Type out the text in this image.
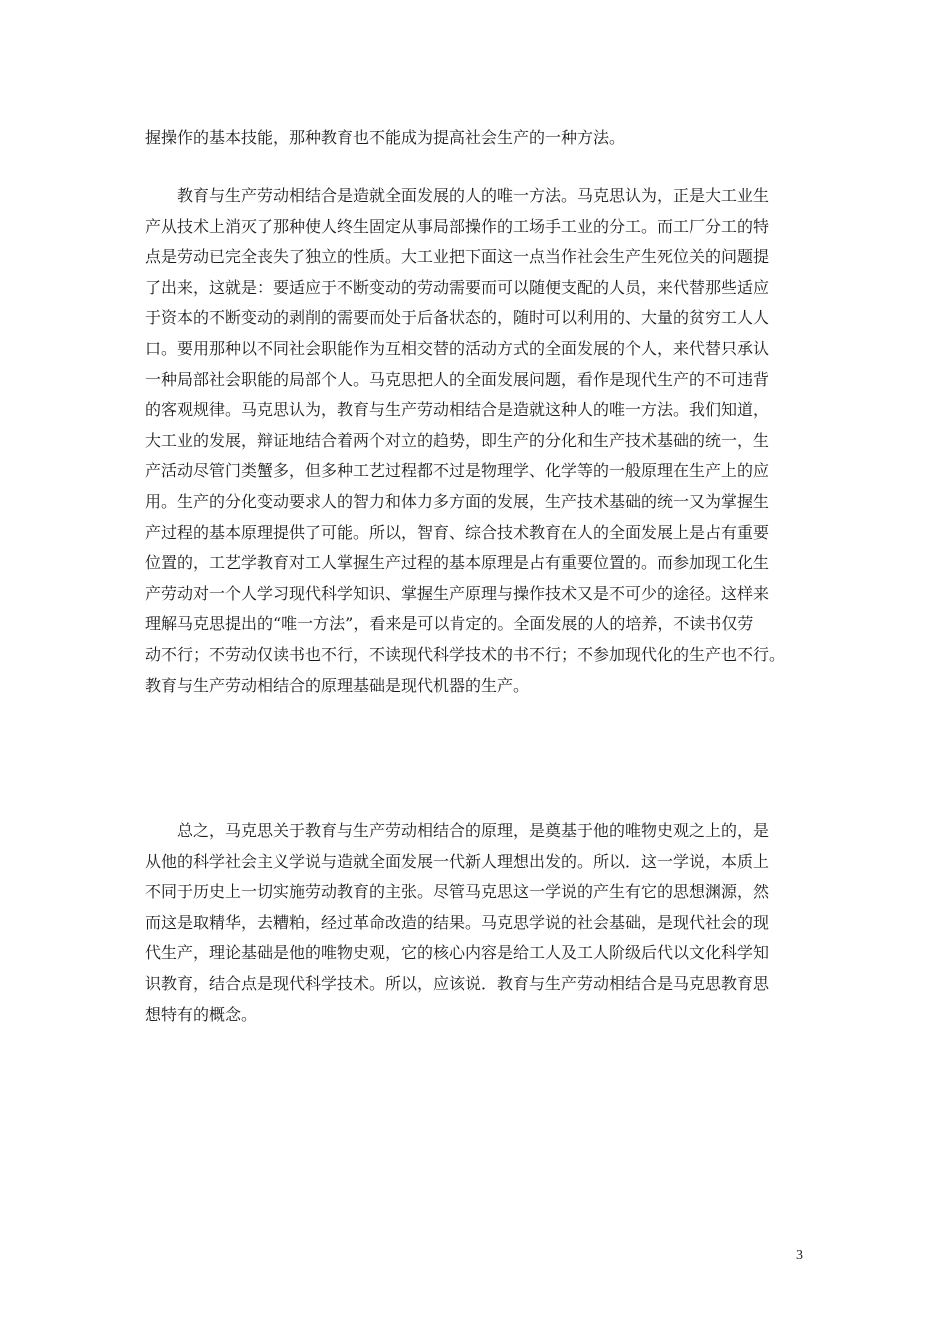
握操作的基本技能，那种教育也不能成为提高社会生产的一种方法。
　　教育与生产劳动相结合是造就全面发展的人的唯一方法。马克思认为，正是大工业生
产从技术上消灭了那种使人终生固定从事局部操作的工场手工业的分工。而工厂分工的特
点是劳动已完全丧失了独立的性质。大工业把下面这一点当作社会生产生死位关的问题提
了出来，这就是：要适应于不断变动的劳动需要而可以随便支配的人员，来代替那些适应
于资本的不断变动的剥削的需要而处于后备状态的，随时可以利用的、大量的贫穷工人人
口。要用那种以不同社会职能作为互相交替的活动方式的全面发展的个人，来代替只承认
一种局部社会职能的局部个人。马克思把人的全面发展问题，看作是现代生产的不可违背
的客观规律。马克思认为，教育与生产劳动相结合是造就这种人的唯一方法。我们知道，
大工业的发展，辩证地结合着两个对立的趋势，即生产的分化和生产技术基础的统一，生
产活动尽管门类蟹多，但多种工艺过程都不过是物理学、化学等的一般原理在生产上的应
用。生产的分化变动要求人的智力和体力多方面的发展，生产技术基础的统一又为掌握生
产过程的基本原理提供了可能。所以，智育、综合技术教育在人的全面发展上是占有重要
位置的，工艺学教育对工人掌握生产过程的基本原理是占有重要位置的。而参加现工化生
产劳动对一个人学习现代科学知识、掌握生产原理与操作技术又是不可少的途径。这样来
理解马克思提出的“唯一方法”，看来是可以肯定的。全面发展的人的培养，不读书仅劳
动不行；不劳动仅读书也不行，不读现代科学技术的书不行；不参加现代化的生产也不行。
教育与生产劳动相结合的原理基础是现代机器的生产。
　　总之，马克思关于教育与生产劳动相结合的原理，是奠基于他的唯物史观之上的，是
从他的科学社会主义学说与造就全面发展一代新人理想出发的。所以．这一学说，本质上
不同于历史上一切实施劳动教育的主张。尽管马克思这一学说的产生有它的思想渊源，然
而这是取精华，去糟粕，经过革命改造的结果。马克思学说的社会基础，是现代社会的现
代生产，理论基础是他的唯物史观，它的核心内容是给工人及工人阶级后代以文化科学知
识教育，结合点是现代科学技术。所以，应该说．教育与生产劳动相结合是马克思教育思
想特有的概念。
3
